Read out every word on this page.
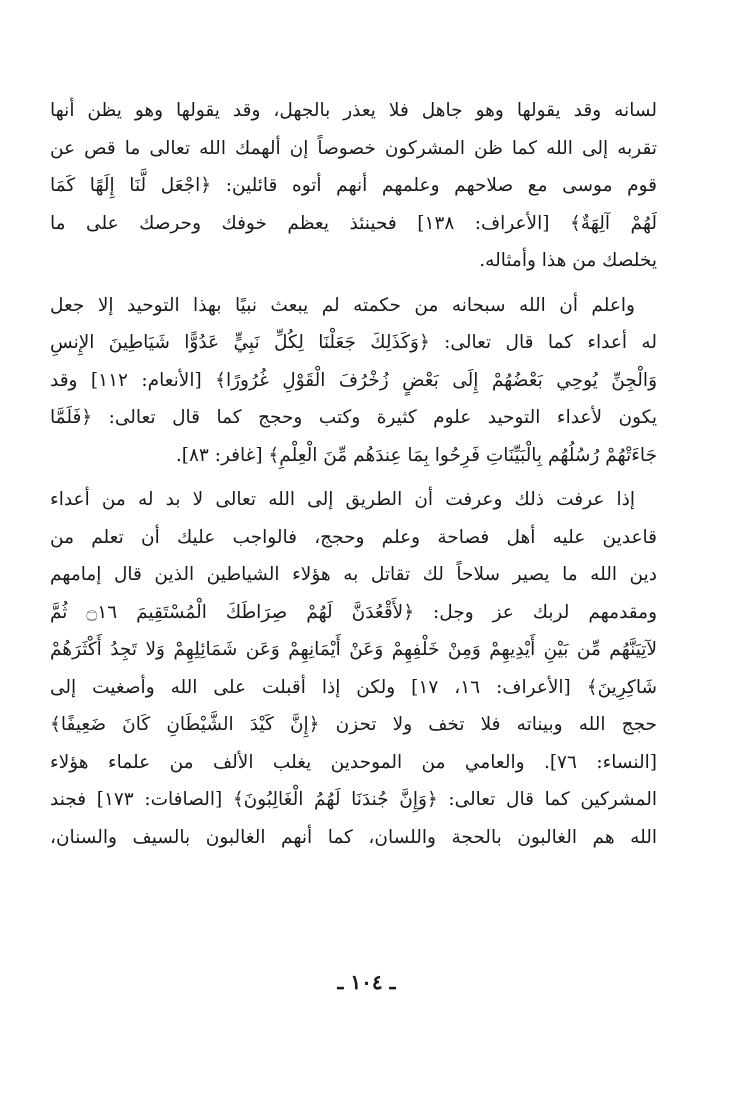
لسانه وقد يقولها وهو جاهل فلا يعذر بالجهل، وقد يقولها وهو يظن أنها
تقربه إلى الله كما ظن المشركون خصوصاً إن ألهمك الله تعالى ما قص عن
قوم موسى مع صلاحهم وعلمهم أنهم أتوه قائلين: ﴿اجْعَل لَّنَا إِلَهًا كَمَا
لَهُمْ آلِهَةٌ﴾ [الأعراف: ١٣٨] فحينئذ يعظم خوفك وحرصك على ما
يخلصك من هذا وأمثاله.
واعلم أن الله سبحانه من حكمته لم يبعث نبيًا بهذا التوحيد إلا جعل
له أعداء كما قال تعالى: ﴿وَكَذَلِكَ جَعَلْنَا لِكُلِّ نَبِيٍّ عَدُوًّا شَيَاطِينَ الإِنسِ
وَالْجِنِّ يُوحِي بَعْضُهُمْ إِلَى بَعْضٍ زُخْرُفَ الْقَوْلِ غُرُورًا﴾ [الأنعام: ١١٢] وقد
يكون لأعداء التوحيد علوم كثيرة وكتب وحجج كما قال تعالى: ﴿فَلَمَّا
جَاءَتْهُمْ رُسُلُهُم بِالْبَيِّنَاتِ فَرِحُوا بِمَا عِندَهُم مِّنَ الْعِلْمِ﴾ [غافر: ٨٣].
إذا عرفت ذلك وعرفت أن الطريق إلى الله تعالى لا بد له من أعداء
قاعدين عليه أهل فصاحة وعلم وحجج، فالواجب عليك أن تعلم من
دين الله ما يصير سلاحاً لك تقاتل به هؤلاء الشياطين الذين قال إمامهم
ومقدمهم لربك عز وجل: ﴿لأَقْعُدَنَّ لَهُمْ صِرَاطَكَ الْمُسْتَقِيمَ ۝١٦ ثُمَّ
لآتِيَنَّهُم مِّن بَيْنِ أَيْدِيهِمْ وَمِنْ خَلْفِهِمْ وَعَنْ أَيْمَانِهِمْ وَعَن شَمَائِلِهِمْ وَلا تَجِدُ أَكْثَرَهُمْ
شَاكِرِينَ﴾ [الأعراف: ١٦، ١٧] ولكن إذا أقبلت على الله وأصغيت إلى
حجج الله وبيناته فلا تخف ولا تحزن ﴿إِنَّ كَيْدَ الشَّيْطَانِ كَانَ ضَعِيفًا﴾
[النساء: ٧٦]. والعامي من الموحدين يغلب الألف من علماء هؤلاء
المشركين كما قال تعالى: ﴿وَإِنَّ جُندَنَا لَهُمُ الْغَالِبُونَ﴾ [الصافات: ١٧٣] فجند
الله هم الغالبون بالحجة واللسان، كما أنهم الغالبون بالسيف والسنان،
ـ ١٠٤ ـ
